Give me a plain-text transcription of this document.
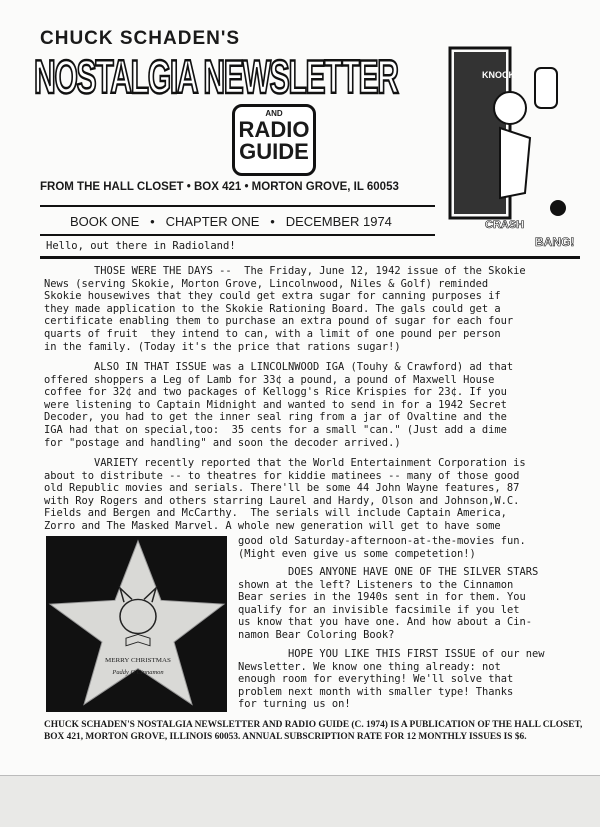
CHUCK SCHADEN'S
NOSTALGIA NEWSLETTER
AND
RADIO
GUIDE
FROM THE HALL CLOSET • BOX 421 • MORTON GROVE, IL 60053
BOOK ONE   •   CHAPTER ONE   •   DECEMBER 1974
KNOCK
CRASH
BANG!
Hello, out there in Radioland!
THOSE WERE THE DAYS --  The Friday, June 12, 1942 issue of the Skokie
News (serving Skokie, Morton Grove, Lincolnwood, Niles & Golf) reminded
Skokie housewives that they could get extra sugar for canning purposes if
they made application to the Skokie Rationing Board. The gals could get a
certificate enabling them to purchase an extra pound of sugar for each four
quarts of fruit  they intend to can, with a limit of one pound per person
in the family. (Today it's the price that rations sugar!)
ALSO IN THAT ISSUE was a LINCOLNWOOD IGA (Touhy & Crawford) ad that
offered shoppers a Leg of Lamb for 33¢ a pound, a pound of Maxwell House
coffee for 32¢ and two packages of Kellogg's Rice Krispies for 23¢. If you
were listening to Captain Midnight and wanted to send in for a 1942 Secret
Decoder, you had to get the inner seal ring from a jar of Ovaltine and the
IGA had that on special,too:  35 cents for a small "can." (Just add a dime
for "postage and handling" and soon the decoder arrived.)
VARIETY recently reported that the World Entertainment Corporation is
about to distribute -- to theatres for kiddie matinees -- many of those good
old Republic movies and serials. There'll be some 44 John Wayne features, 87
with Roy Rogers and others starring Laurel and Hardy, Olson and Johnson,W.C.
Fields and Bergen and McCarthy.  The serials will include Captain America,
Zorro and The Masked Marvel. A whole new generation will get to have some
good old Saturday-afternoon-at-the-movies fun.
(Might even give us some competetion!)
DOES ANYONE HAVE ONE OF THE SILVER STARS
shown at the left? Listeners to the Cinnamon
Bear series in the 1940s sent in for them. You
qualify for an invisible facsimile if you let
us know that you have one. And how about a Cin-
namon Bear Coloring Book?
HOPE YOU LIKE THIS FIRST ISSUE of our new
Newsletter. We know one thing already: not
enough room for everything! We'll solve that
problem next month with smaller type! Thanks
for turning us on!
MERRY CHRISTMAS
Paddy O'Cinnamon
CHUCK SCHADEN'S NOSTALGIA NEWSLETTER AND RADIO GUIDE (C. 1974) IS A PUBLICATION OF THE HALL CLOSET,
BOX 421, MORTON GROVE, ILLINOIS 60053. ANNUAL SUBSCRIPTION RATE FOR 12 MONTHLY ISSUES IS $6.
